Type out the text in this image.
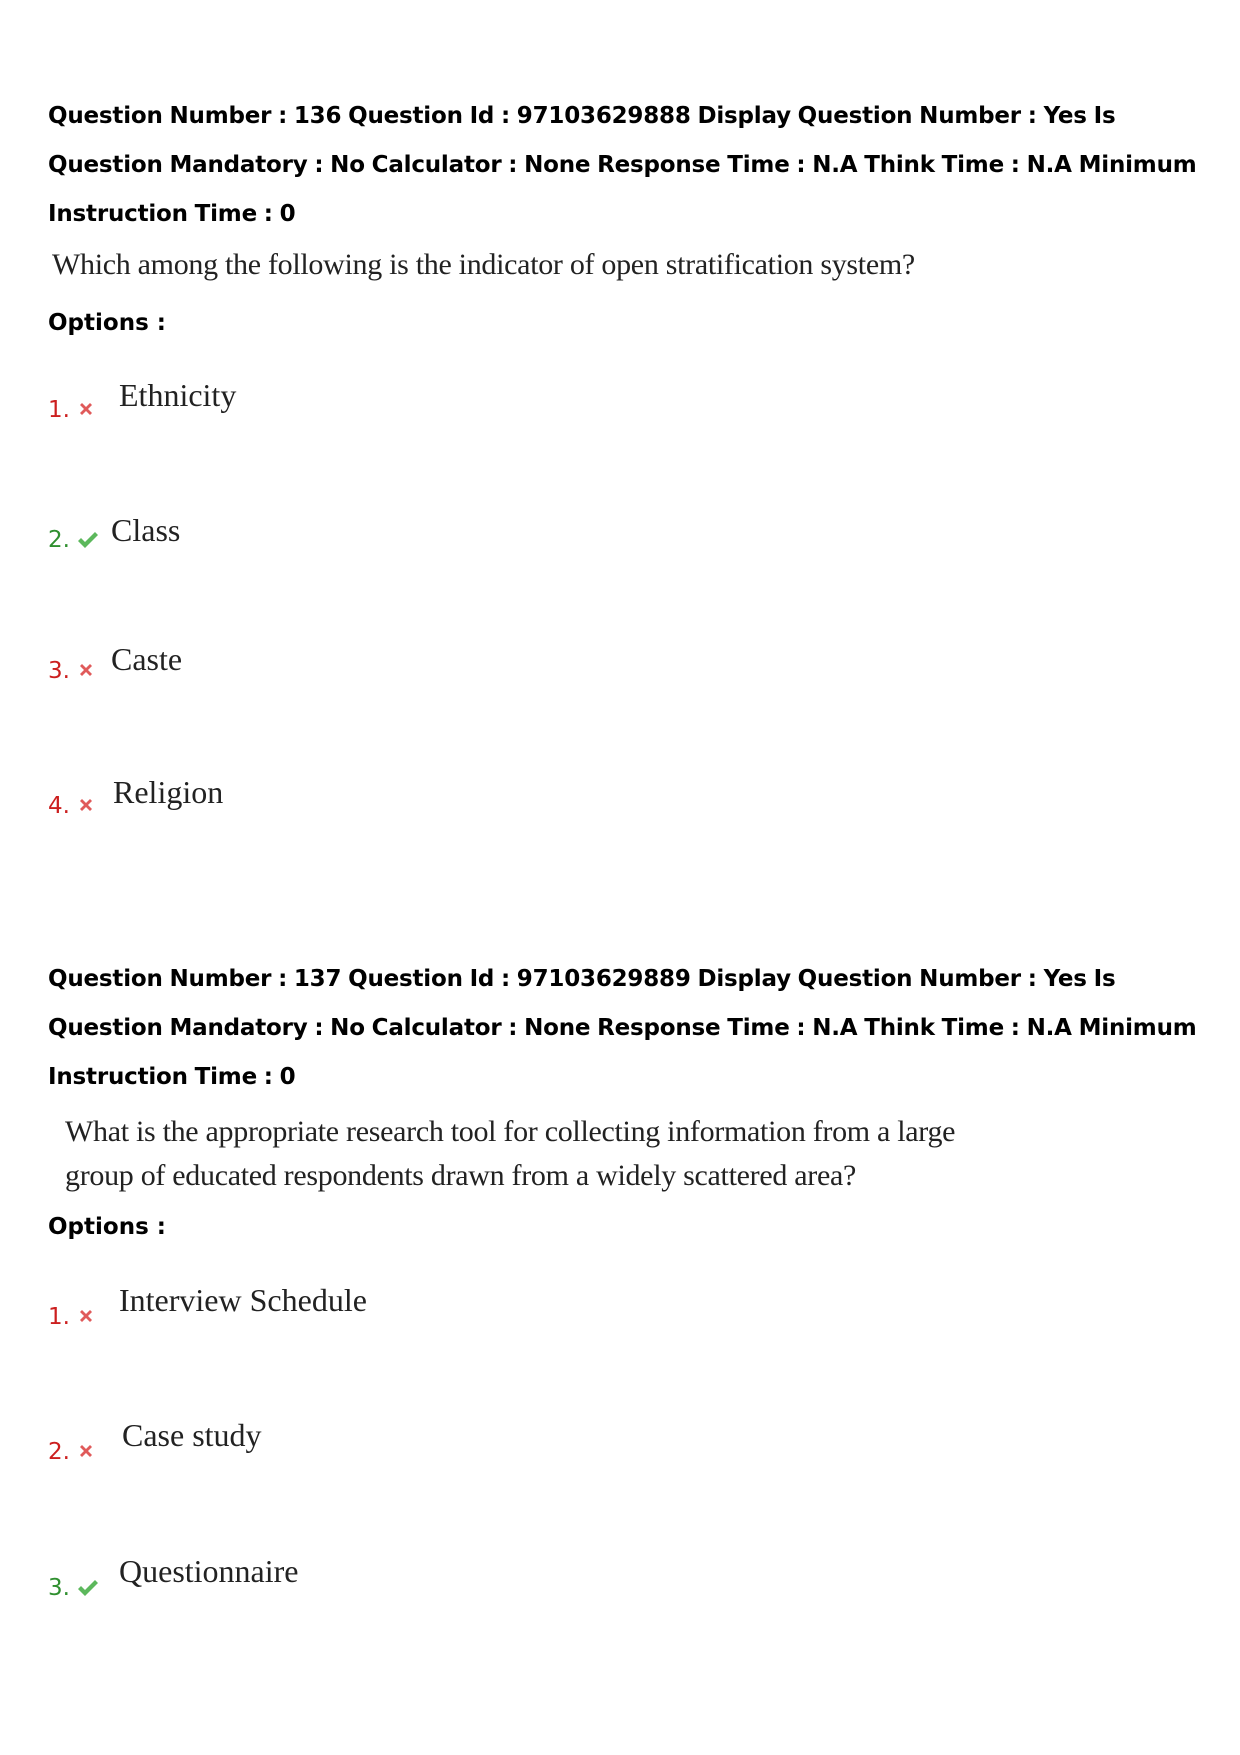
Question Number : 136 Question Id : 97103629888 Display Question Number : Yes Is Question Mandatory : No Calculator : None Response Time : N.A Think Time : N.A Minimum Instruction Time : 0
Which among the following is the indicator of open stratification system?
Options :
1. Ethnicity
2. Class
3. Caste
4. Religion
Question Number : 137 Question Id : 97103629889 Display Question Number : Yes Is Question Mandatory : No Calculator : None Response Time : N.A Think Time : N.A Minimum Instruction Time : 0
What is the appropriate research tool for collecting information from a large
group of educated respondents drawn from a widely scattered area?
Options :
1. Interview Schedule
2. Case study
3. Questionnaire
